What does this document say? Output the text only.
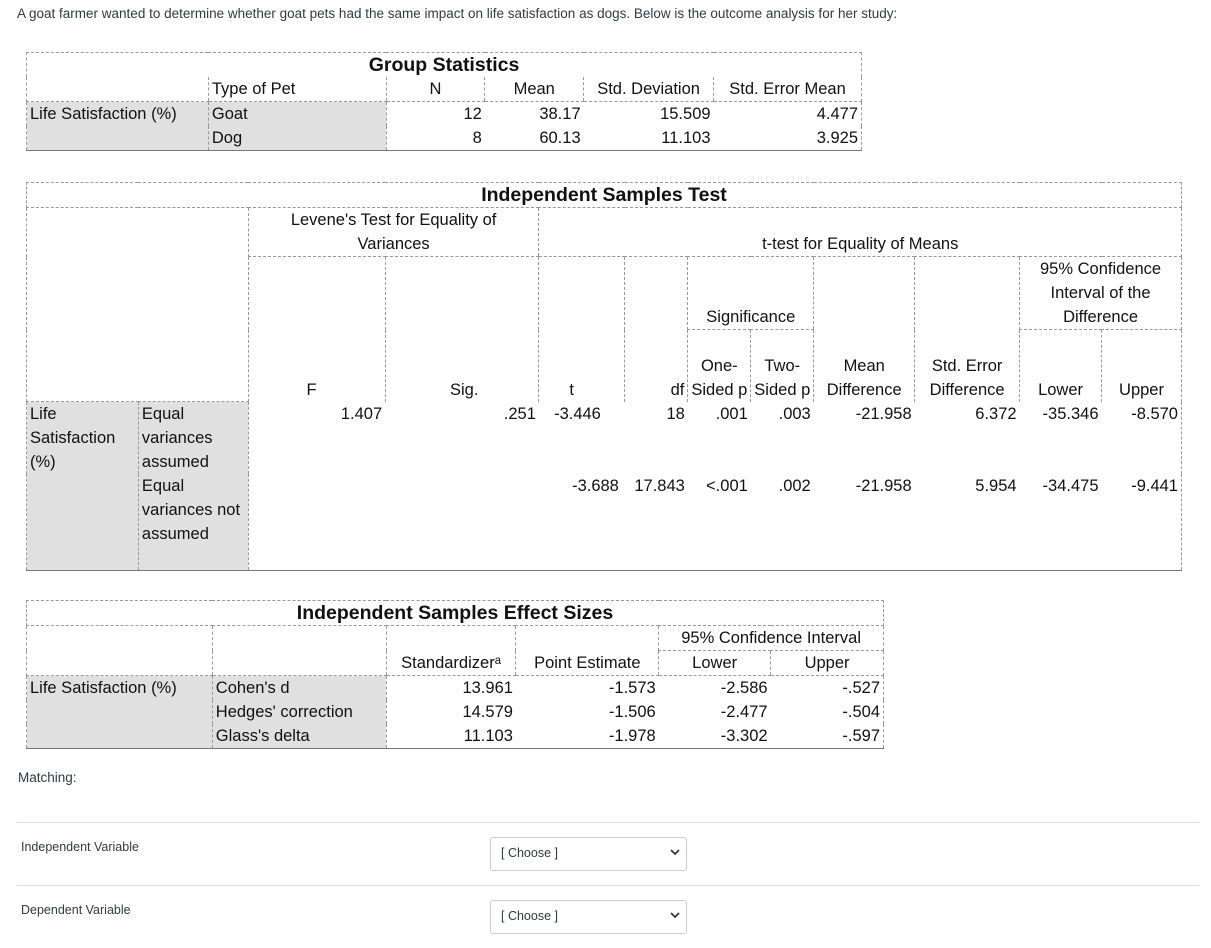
A goat farmer wanted to determine whether goat pets had the same impact on life satisfaction as dogs. Below is the outcome analysis for her study:
Group Statistics					
	Type of Pet	N	Mean	Std. Deviation	Std. Error Mean
Life Satisfaction (%)	Goat	12	38.17	15.509	4.477
	Dog	8	60.13	11.103	3.925
Independent Samples Test											
		Levene's Test for Equality of Variances		t-test for Equality of Means							
		F	Sig.	t	df	Significance		Mean Difference	Std. Error Difference	95% Confidence Interval of the Difference	
						One-Sided p	Two-Sided p			Lower	Upper

Life Satisfaction (%)	Equal variances assumed	1.407	.251	-3.446	18	.001	.003	-21.958	6.372	-35.346	-8.570
	Equal variances not assumed			-3.688	17.843	<.001	.002	-21.958	5.954	-34.475	-9.441
Independent Samples Effect Sizes					
		Standardizerᵃ	Point Estimate	95% Confidence Interval	
				Lower	Upper
Life Satisfaction (%)	Cohen's d	13.961	-1.573	-2.586	-.527
	Hedges' correction	14.579	-1.506	-2.477	-.504
	Glass's delta	11.103	-1.978	-3.302	-.597
Matching:
Independent Variable	[ Choose ]
Dependent Variable	[ Choose ]
